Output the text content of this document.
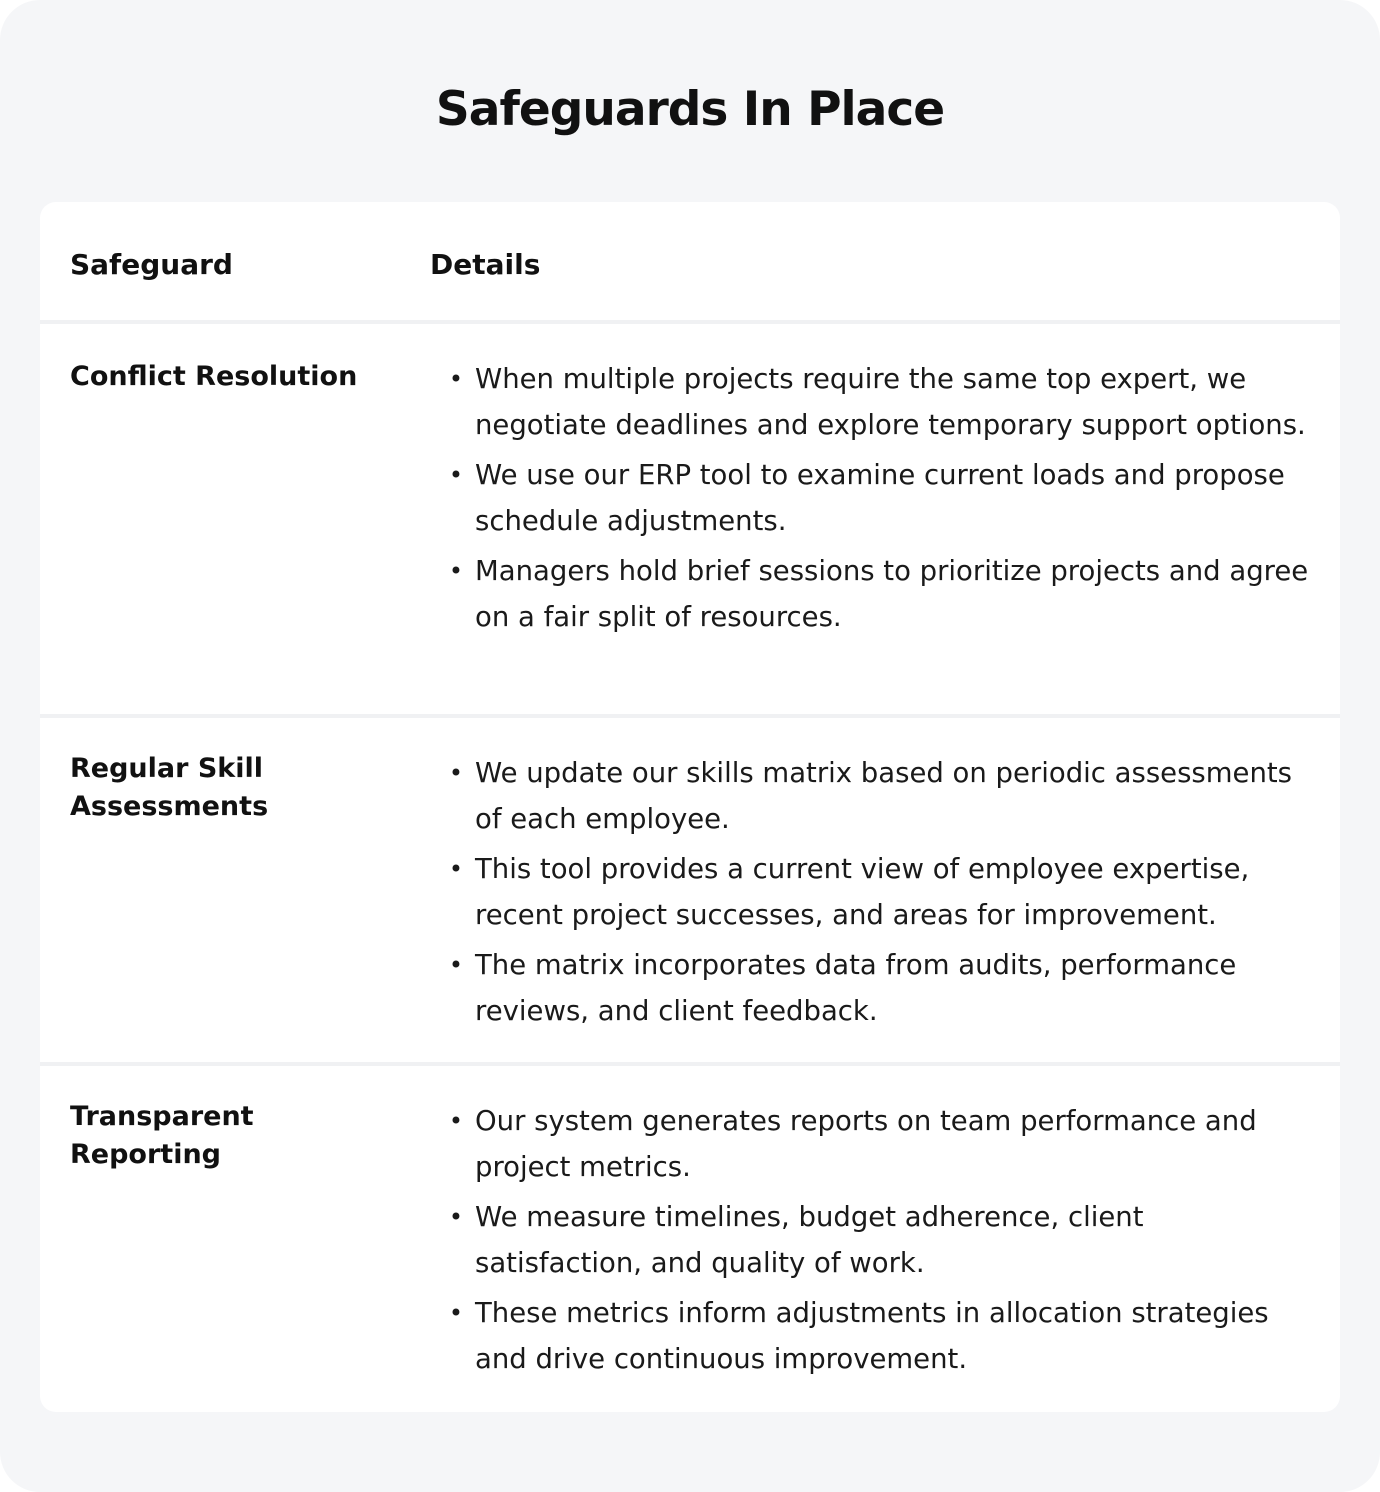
Safeguards In Place
Safeguard	Details
Conflict Resolution	• When multiple projects require the same top expert, we negotiate deadlines and explore temporary support options.
• We use our ERP tool to examine current loads and propose schedule adjustments.
• Managers hold brief sessions to prioritize projects and agree on a fair split of resources.
Regular Skill Assessments
• We update our skills matrix based on periodic assessments of each employee.
• This tool provides a current view of employee expertise, recent project successes, and areas for improvement.
• The matrix incorporates data from audits, performance reviews, and client feedback.
Transparent Reporting
• Our system generates reports on team performance and project metrics.
• We measure timelines, budget adherence, client satisfaction, and quality of work.
• These metrics inform adjustments in allocation strategies and drive continuous improvement.
